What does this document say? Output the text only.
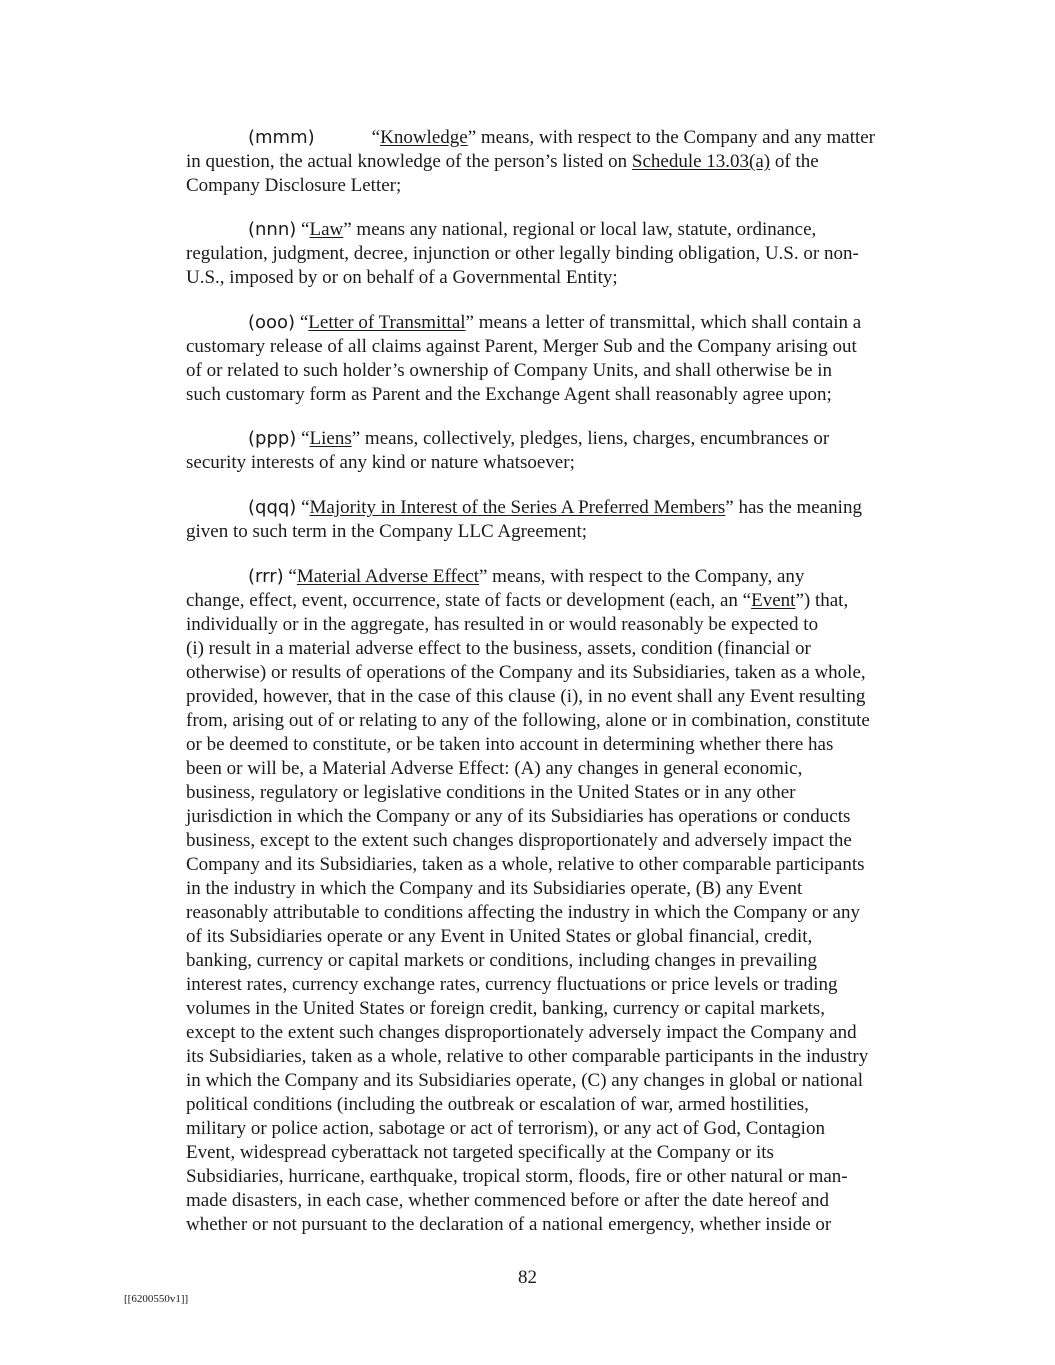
(mmm)	“Knowledge” means, with respect to the Company and any matter
in question, the actual knowledge of the person’s listed on Schedule 13.03(a) of the
Company Disclosure Letter;
(nnn) “Law” means any national, regional or local law, statute, ordinance,
regulation, judgment, decree, injunction or other legally binding obligation, U.S. or non-
U.S., imposed by or on behalf of a Governmental Entity;
(ooo) “Letter of Transmittal” means a letter of transmittal, which shall contain a
customary release of all claims against Parent, Merger Sub and the Company arising out
of or related to such holder’s ownership of Company Units, and shall otherwise be in
such customary form as Parent and the Exchange Agent shall reasonably agree upon;
(ppp) “Liens” means, collectively, pledges, liens, charges, encumbrances or
security interests of any kind or nature whatsoever;
(qqq) “Majority in Interest of the Series A Preferred Members” has the meaning
given to such term in the Company LLC Agreement;
(rrr) “Material Adverse Effect” means, with respect to the Company, any
change, effect, event, occurrence, state of facts or development (each, an “Event”) that,
individually or in the aggregate, has resulted in or would reasonably be expected to
(i) result in a material adverse effect to the business, assets, condition (financial or
otherwise) or results of operations of the Company and its Subsidiaries, taken as a whole,
provided, however, that in the case of this clause (i), in no event shall any Event resulting
from, arising out of or relating to any of the following, alone or in combination, constitute
or be deemed to constitute, or be taken into account in determining whether there has
been or will be, a Material Adverse Effect: (A) any changes in general economic,
business, regulatory or legislative conditions in the United States or in any other
jurisdiction in which the Company or any of its Subsidiaries has operations or conducts
business, except to the extent such changes disproportionately and adversely impact the
Company and its Subsidiaries, taken as a whole, relative to other comparable participants
in the industry in which the Company and its Subsidiaries operate, (B) any Event
reasonably attributable to conditions affecting the industry in which the Company or any
of its Subsidiaries operate or any Event in United States or global financial, credit,
banking, currency or capital markets or conditions, including changes in prevailing
interest rates, currency exchange rates, currency fluctuations or price levels or trading
volumes in the United States or foreign credit, banking, currency or capital markets,
except to the extent such changes disproportionately adversely impact the Company and
its Subsidiaries, taken as a whole, relative to other comparable participants in the industry
in which the Company and its Subsidiaries operate, (C) any changes in global or national
political conditions (including the outbreak or escalation of war, armed hostilities,
military or police action, sabotage or act of terrorism), or any act of God, Contagion
Event, widespread cyberattack not targeted specifically at the Company or its
Subsidiaries, hurricane, earthquake, tropical storm, floods, fire or other natural or man-
made disasters, in each case, whether commenced before or after the date hereof and
whether or not pursuant to the declaration of a national emergency, whether inside or
82
[[6200550v1]]
